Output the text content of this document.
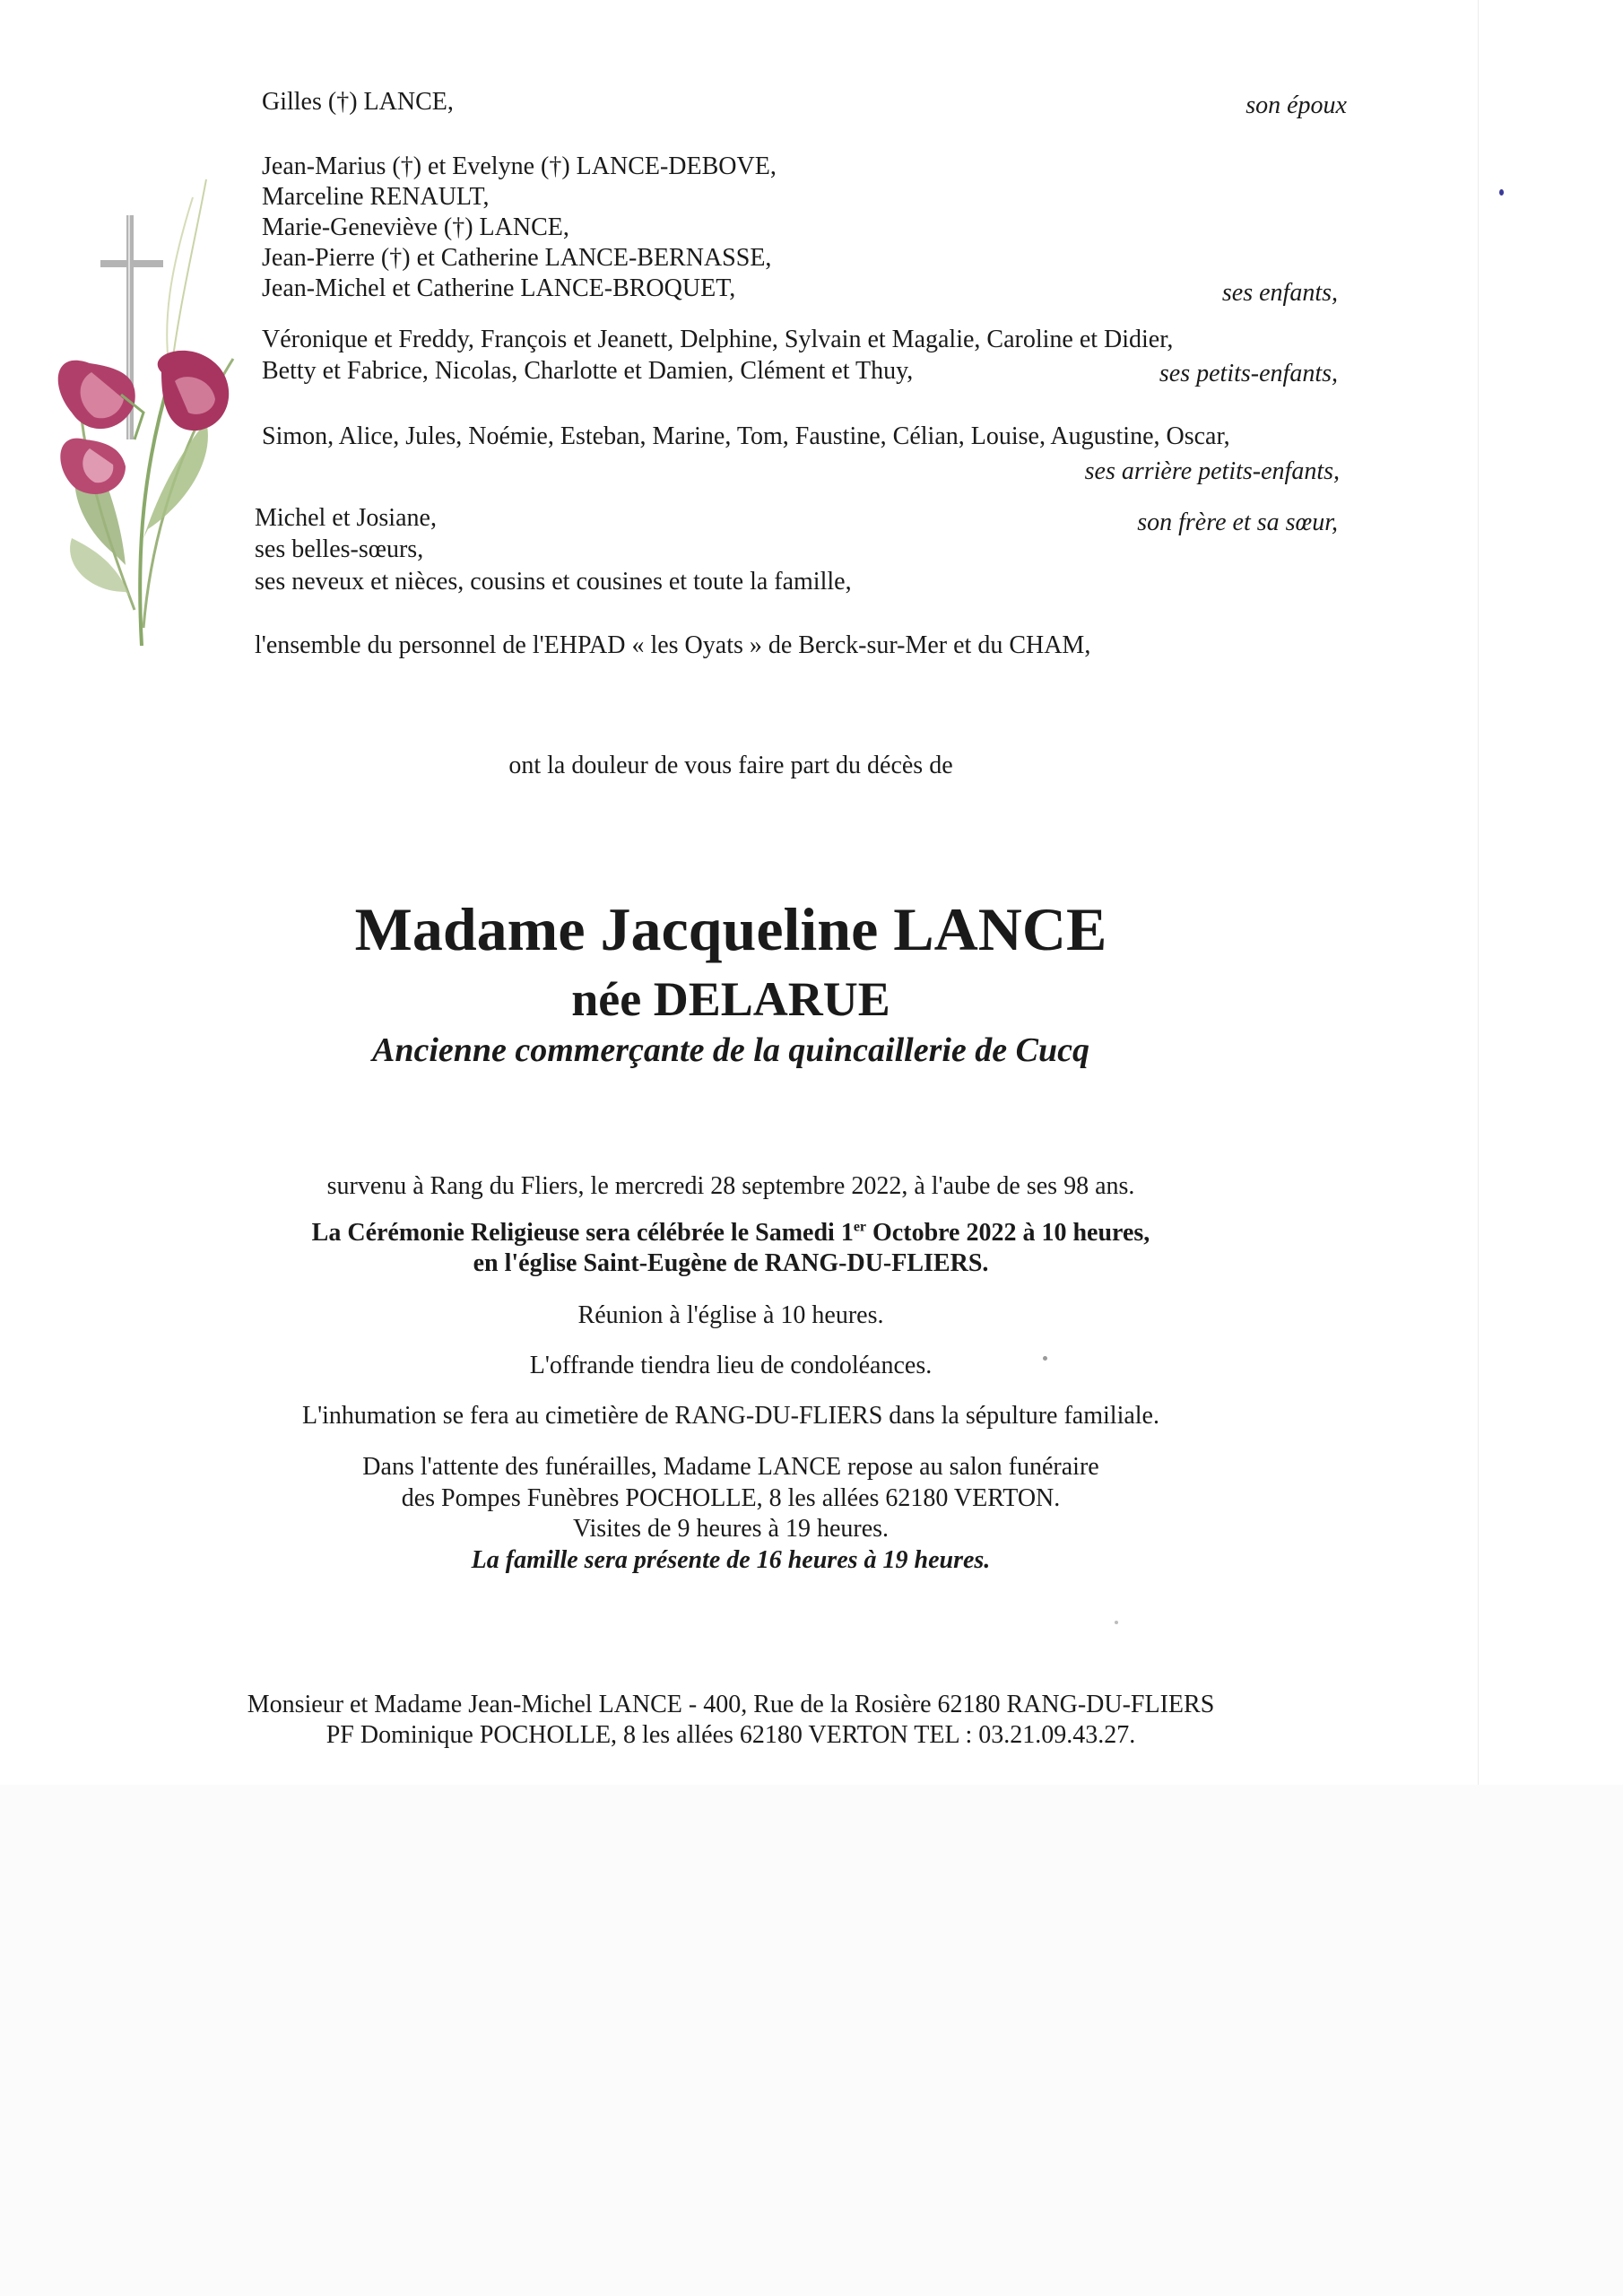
Gilles (†) LANCE,	son époux
Jean-Marius (†) et Evelyne (†) LANCE-DEBOVE,
Marceline RENAULT,
Marie-Geneviève (†) LANCE,
Jean-Pierre (†) et Catherine LANCE-BERNASSE,
Jean-Michel et Catherine LANCE-BROQUET,	ses enfants,
Véronique et Freddy, François et Jeanett, Delphine, Sylvain et Magalie, Caroline et Didier,
Betty et Fabrice, Nicolas, Charlotte et Damien, Clément et Thuy,	ses petits-enfants,
Simon, Alice, Jules, Noémie, Esteban, Marine, Tom, Faustine, Célian, Louise, Augustine, Oscar,
ses arrière petits-enfants,
Michel et Josiane,	son frère et sa sœur,
ses belles-sœurs,
ses neveux et nièces, cousins et cousines et toute la famille,
l'ensemble du personnel de l'EHPAD « les Oyats » de Berck-sur-Mer et du CHAM,
ont la douleur de vous faire part du décès de
Madame Jacqueline LANCE
née DELARUE
Ancienne commerçante de la quincaillerie de Cucq
survenu à Rang du Fliers, le mercredi 28 septembre 2022, à l'aube de ses 98 ans.
La Cérémonie Religieuse sera célébrée le Samedi 1er Octobre 2022 à 10 heures,
en l'église Saint-Eugène de RANG-DU-FLIERS.
Réunion à l'église à 10 heures.
L'offrande tiendra lieu de condoléances.
L'inhumation se fera au cimetière de RANG-DU-FLIERS dans la sépulture familiale.
Dans l'attente des funérailles, Madame LANCE repose au salon funéraire
des Pompes Funèbres POCHOLLE, 8 les allées 62180 VERTON.
Visites de 9 heures à 19 heures.
La famille sera présente de 16 heures à 19 heures.
Monsieur et Madame Jean-Michel LANCE - 400, Rue de la Rosière 62180 RANG-DU-FLIERS
PF Dominique POCHOLLE, 8 les allées 62180 VERTON TEL : 03.21.09.43.27.
